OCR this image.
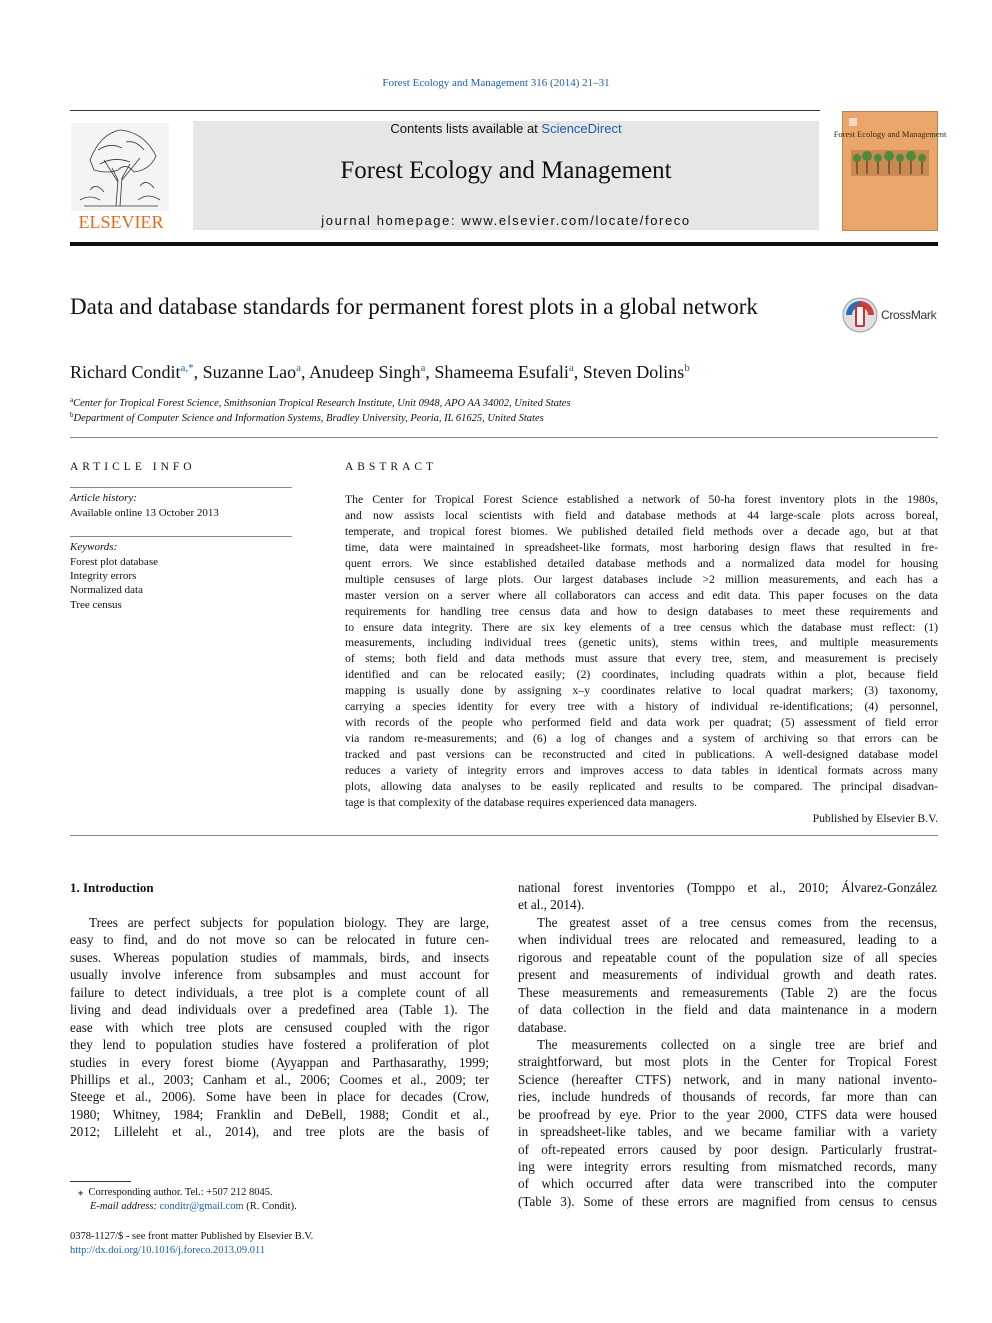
Forest Ecology and Management 316 (2014) 21–31
ELSEVIER
Contents lists available at ScienceDirect
Forest Ecology and Management
journal homepage: www.elsevier.com/locate/foreco
Forest Ecology and Management
Data and database standards for permanent forest plots in a global network	CrossMark
Richard Condit$^{a,*}$, Suzanne Lao$^a$, Anudeep Singh$^a$, Shameema Esufali$^a$, Steven Dolins$^b$
$^a$Center for Tropical Forest Science, Smithsonian Tropical Research Institute, Unit 0948, APO AA 34002, United States
$^b$Department of Computer Science and Information Systems, Bradley University, Peoria, IL 61625, United States
ARTICLE INFO
Article history:
Available online 13 October 2013
Keywords:
Forest plot database
Integrity errors
Normalized data
Tree census
ABSTRACT
The Center for Tropical Forest Science established a network of 50-ha forest inventory plots in the 1980s,
and now assists local scientists with field and database methods at 44 large-scale plots across boreal,
temperate, and tropical forest biomes. We published detailed field methods over a decade ago, but at that
time, data were maintained in spreadsheet-like formats, most harboring design flaws that resulted in fre-
quent errors. We since established detailed database methods and a normalized data model for housing
multiple censuses of large plots. Our largest databases include >2 million measurements, and each has a
master version on a server where all collaborators can access and edit data. This paper focuses on the data
requirements for handling tree census data and how to design databases to meet these requirements and
to ensure data integrity. There are six key elements of a tree census which the database must reflect: (1)
measurements, including individual trees (genetic units), stems within trees, and multiple measurements
of stems; both field and data methods must assure that every tree, stem, and measurement is precisely
identified and can be relocated easily; (2) coordinates, including quadrats within a plot, because field
mapping is usually done by assigning x–y coordinates relative to local quadrat markers; (3) taxonomy,
carrying a species identity for every tree with a history of individual re-identifications; (4) personnel,
with records of the people who performed field and data work per quadrat; (5) assessment of field error
via random re-measurements; and (6) a log of changes and a system of archiving so that errors can be
tracked and past versions can be reconstructed and cited in publications. A well-designed database model
reduces a variety of integrity errors and improves access to data tables in identical formats across many
plots, allowing data analyses to be easily replicated and results to be compared. The principal disadvan-
tage is that complexity of the database requires experienced data managers.
Published by Elsevier B.V.
1. Introduction
Trees are perfect subjects for population biology. They are large,
easy to find, and do not move so can be relocated in future cen-
suses. Whereas population studies of mammals, birds, and insects
usually involve inference from subsamples and must account for
failure to detect individuals, a tree plot is a complete count of all
living and dead individuals over a predefined area (Table 1). The
ease with which tree plots are censused coupled with the rigor
they lend to population studies have fostered a proliferation of plot
studies in every forest biome (Ayyappan and Parthasarathy, 1999;
Phillips et al., 2003; Canham et al., 2006; Coomes et al., 2009; ter
Steege et al., 2006). Some have been in place for decades (Crow,
1980; Whitney, 1984; Franklin and DeBell, 1988; Condit et al.,
2012; Lilleleht et al., 2014), and tree plots are the basis of
national forest inventories (Tomppo et al., 2010; Álvarez-González
et al., 2014).
The greatest asset of a tree census comes from the recensus,
when individual trees are relocated and remeasured, leading to a
rigorous and repeatable count of the population size of all species
present and measurements of individual growth and death rates.
These measurements and remeasurements (Table 2) are the focus
of data collection in the field and data maintenance in a modern
database.
The measurements collected on a single tree are brief and
straightforward, but most plots in the Center for Tropical Forest
Science (hereafter CTFS) network, and in many national invento-
ries, include hundreds of thousands of records, far more than can
be proofread by eye. Prior to the year 2000, CTFS data were housed
in spreadsheet-like tables, and we became familiar with a variety
of oft-repeated errors caused by poor design. Particularly frustrat-
ing were integrity errors resulting from mismatched records, many
of which occurred after data were transcribed into the computer
(Table 3). Some of these errors are magnified from census to census
⁎ Corresponding author. Tel.: +507 212 8045.
E-mail address: conditr@gmail.com (R. Condit).
0378-1127/$ - see front matter Published by Elsevier B.V.
http://dx.doi.org/10.1016/j.foreco.2013.09.011
